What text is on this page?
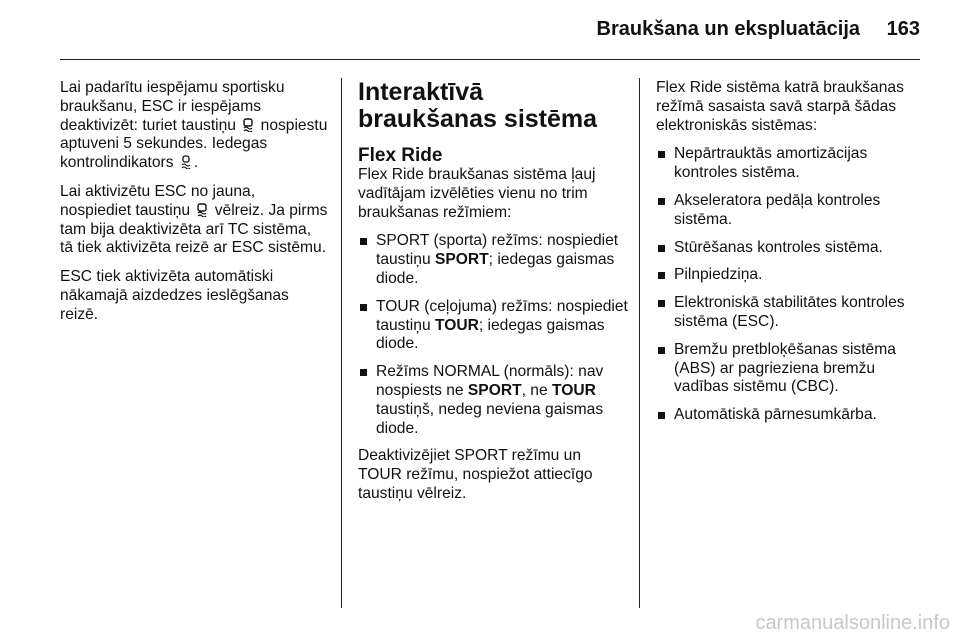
Braukšana un ekspluatācija	163

Lai padarītu iespējamu sportisku braukšanu, ESC ir iespējams deaktivizēt: turiet taustiņu nospiestu aptuveni 5 sekundes. Iedegas kontrolindikators .

Lai aktivizētu ESC no jauna, nospiediet taustiņu vēlreiz. Ja pirms tam bija deaktivizēta arī TC sistēma, tā tiek aktivizēta reizē ar ESC sistēmu.

ESC tiek aktivizēta automātiski nākamajā aizdedzes ieslēgšanas reizē.

Interaktīvā braukšanas sistēma
Flex Ride

Flex Ride braukšanas sistēma ļauj vadītājam izvēlēties vienu no trim braukšanas režīmiem:

SPORT (sporta) režīms: nospiediet taustiņu SPORT; iedegas gaismas diode.
TOUR (ceļojuma) režīms: nospiediet taustiņu TOUR; iedegas gaismas diode.
Režīms NORMAL (normāls): nav nospiests ne SPORT, ne TOUR taustiņš, nedeg neviena gaismas diode.

Deaktivizējiet SPORT režīmu un TOUR režīmu, nospiežot attiecīgo taustiņu vēlreiz.

Flex Ride sistēma katrā braukšanas režīmā sasaista savā starpā šādas elektroniskās sistēmas:

Nepārtrauktās amortizācijas kontroles sistēma.
Akseleratora pedāļa kontroles sistēma.
Stūrēšanas kontroles sistēma.
Pilnpiedziņa.
Elektroniskā stabilitātes kontroles sistēma (ESC).
Bremžu pretbloķēšanas sistēma (ABS) ar pagrieziena bremžu vadības sistēmu (CBC).
Automātiskā pārnesumkārba.
carmanualsonline.info
